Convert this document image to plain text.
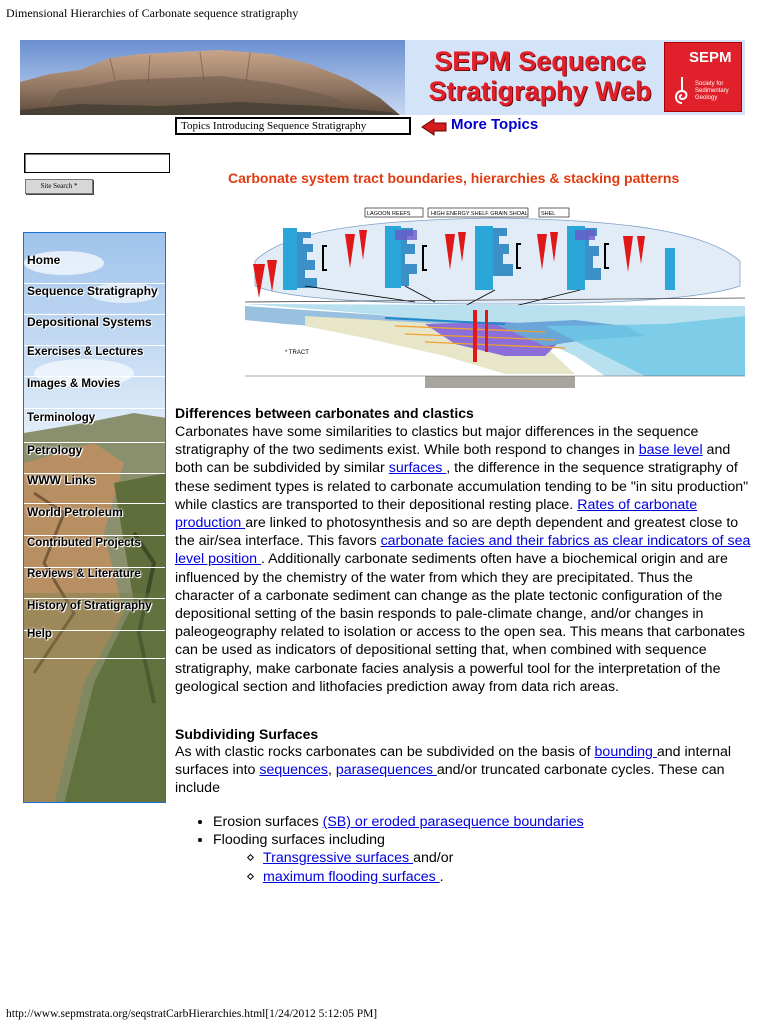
Dimensional Hierarchies of Carbonate sequence stratigraphy
SEPM Sequence
Stratigraphy Web
SEPM
Society for Sedimentary Geology
Topics Introducing Sequence Stratigraphy	More Topics
Site Search *	Carbonate system tract boundaries, hierarchies & stacking patterns
LAGOON REEFS	HIGH ENERGY SHELF GRAIN SHOAL SHEL
* TRACT
Home
Sequence Stratigraphy
Depositional Systems
Exercises & Lectures
Images & Movies
Terminology
Petrology
WWW Links
World Petroleum
Contributed Projects
Reviews & Literature
History of Stratigraphy
Help
Differences between carbonates and clastics
Carbonates have some similarities to clastics but major differences in the sequence stratigraphy of the two sediments exist. While both respond to changes in base level and both can be subdivided by similar surfaces , the difference in the sequence stratigraphy of these sediment types is related to carbonate accumulation tending to be "in situ production" while clastics are transported to their depositional resting place. Rates of carbonate production are linked to photosynthesis and so are depth dependent and greatest close to the air/sea interface. This favors carbonate facies and their fabrics as clear indicators of sea level position . Additionally carbonate sediments often have a biochemical origin and are influenced by the chemistry of the water from which they are precipitated. Thus the character of a carbonate sediment can change as the plate tectonic configuration of the depositional setting of the basin responds to pale-climate change, and/or changes in paleogeography related to isolation or access to the open sea. This means that carbonates can be used as indicators of depositional setting that, when combined with sequence stratigraphy, make carbonate facies analysis a powerful tool for the interpretation of the geological section and lithofacies prediction away from data rich areas.
Subdividing Surfaces
As with clastic rocks carbonates can be subdivided on the basis of bounding and internal surfaces into sequences, parasequences and/or truncated carbonate cycles. These can include
Erosion surfaces (SB) or eroded parasequence boundaries
Flooding surfaces including
Transgressive surfaces and/or
maximum flooding surfaces .
http://www.sepmstrata.org/seqstratCarbHierarchies.html[1/24/2012 5:12:05 PM]
